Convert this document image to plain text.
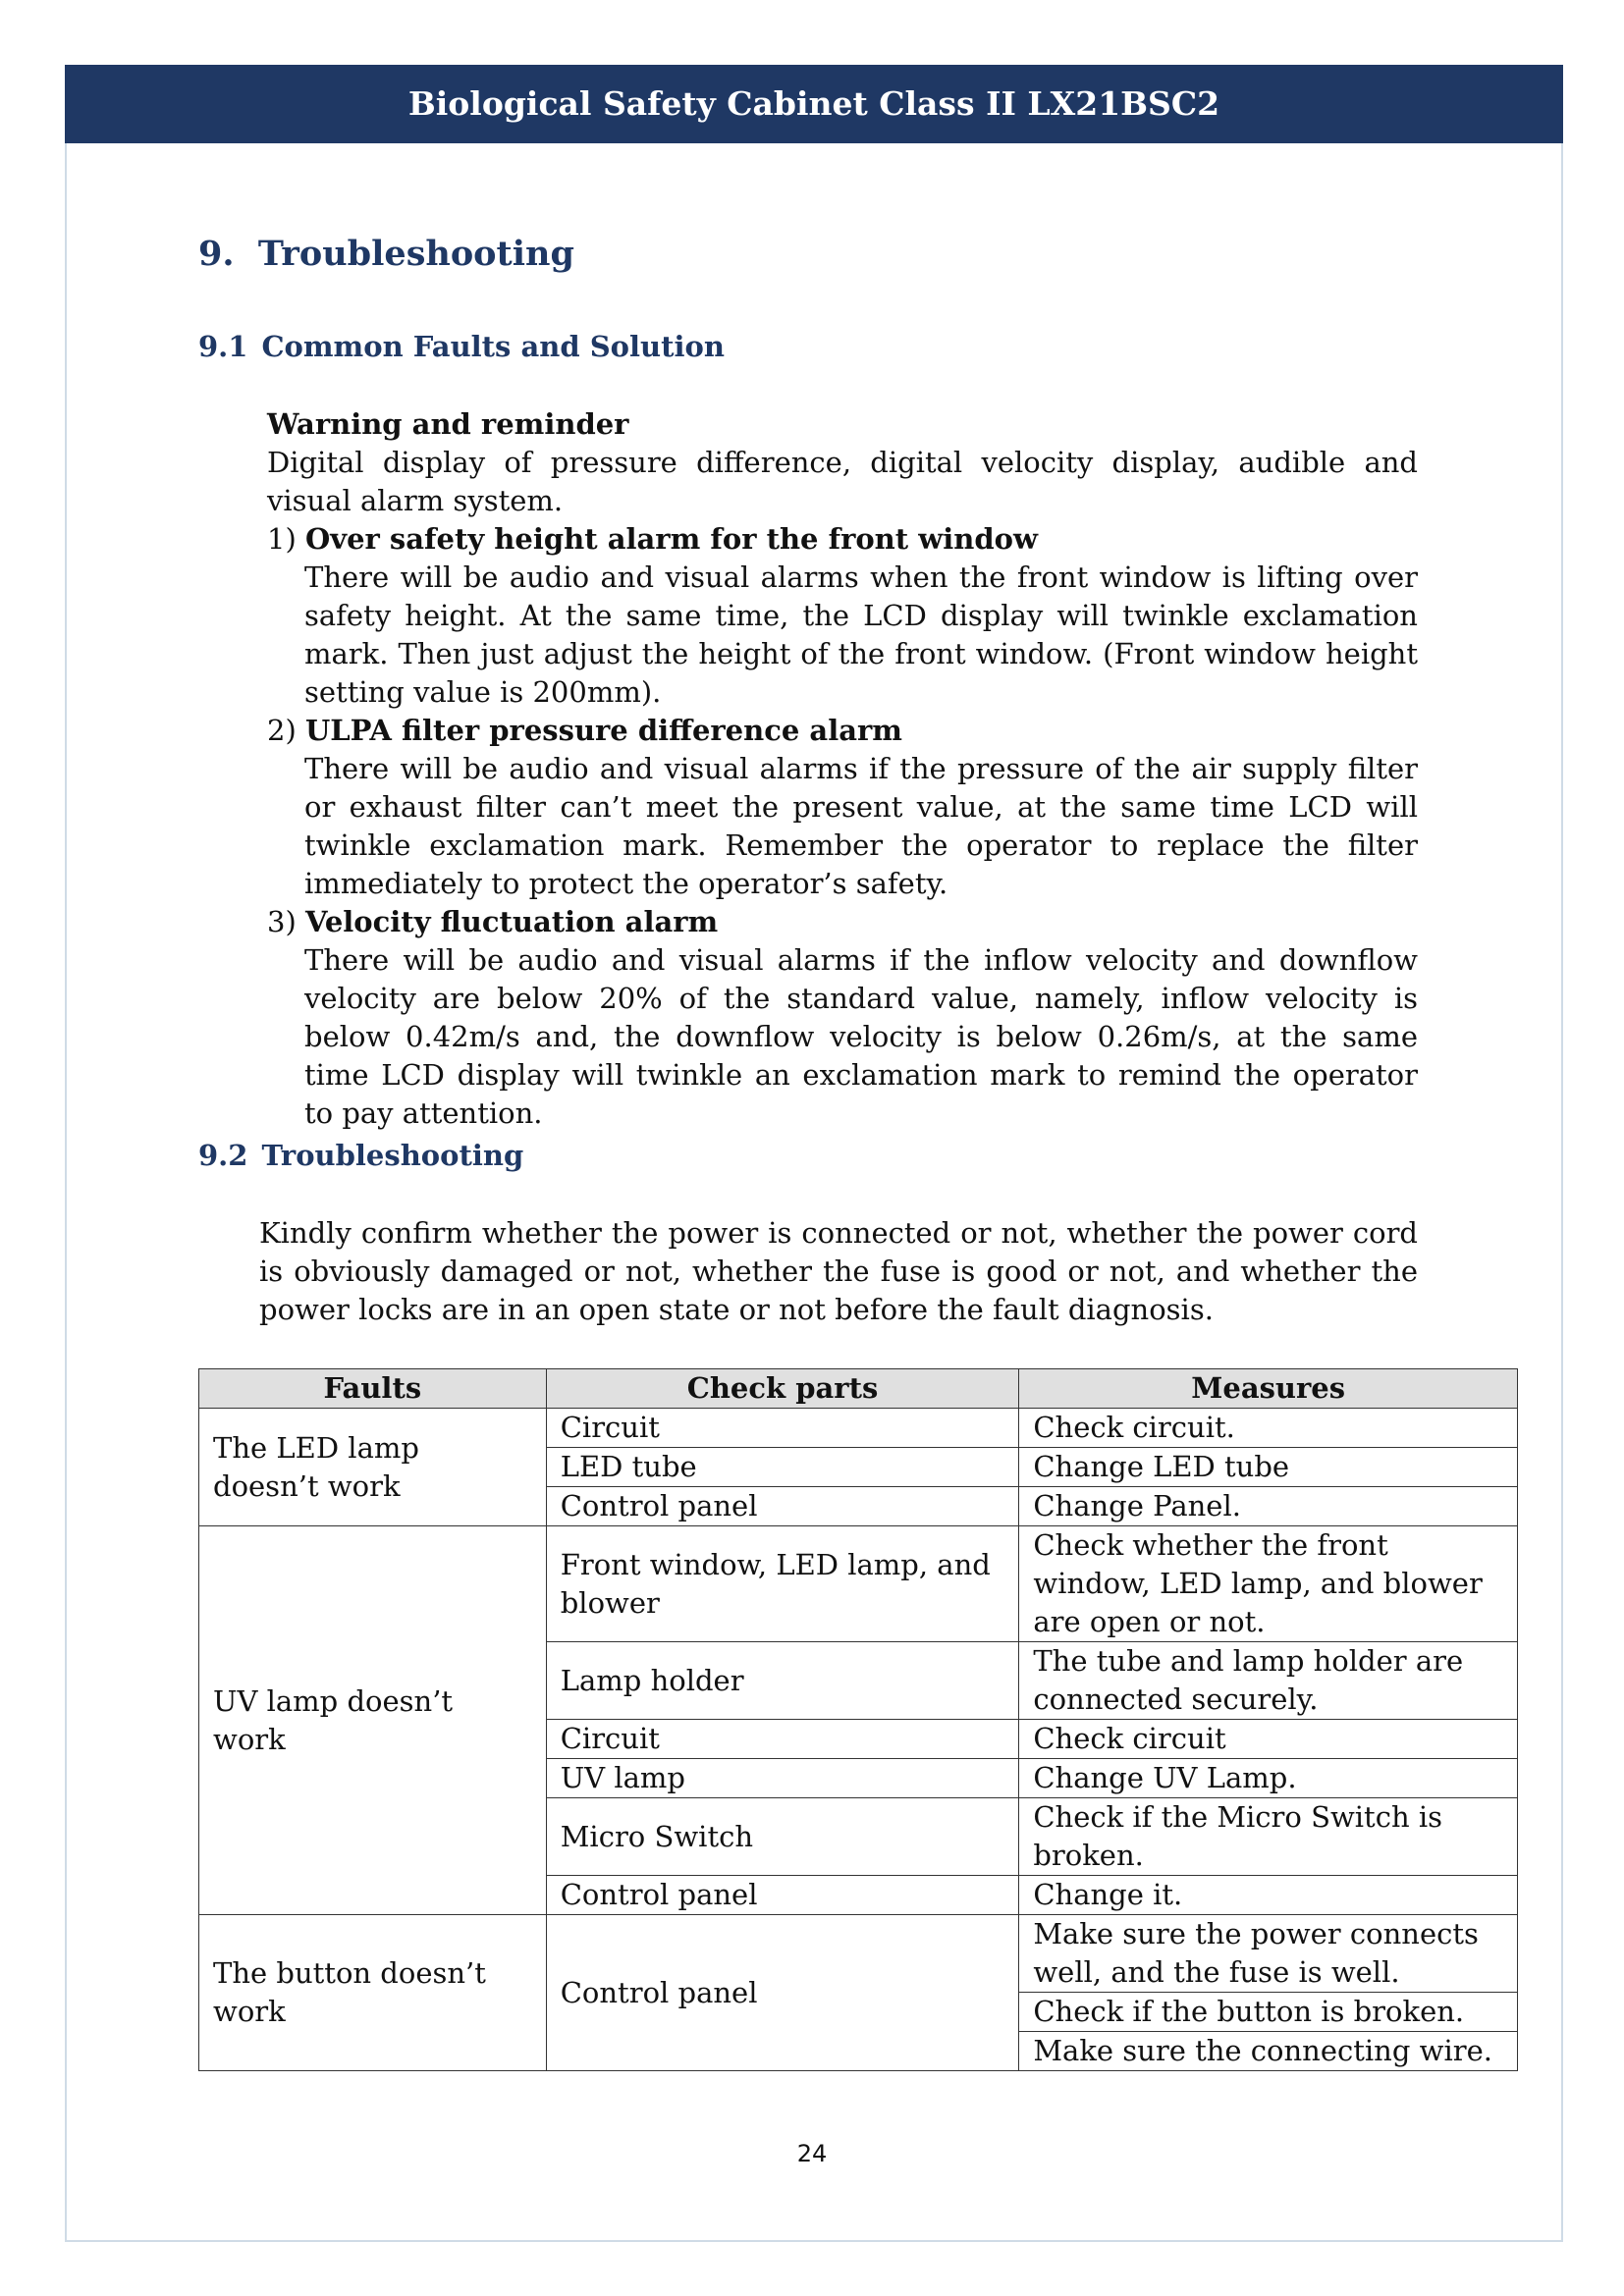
Biological Safety Cabinet Class II LX21BSC2
9. Troubleshooting
9.1 Common Faults and Solution
Warning and reminder
Digital display of pressure difference, digital velocity display, audible and visual alarm system.
1) Over safety height alarm for the front window
There will be audio and visual alarms when the front window is lifting over safety height. At the same time, the LCD display will twinkle exclamation mark. Then just adjust the height of the front window. (Front window height setting value is 200mm).
2) ULPA filter pressure difference alarm
There will be audio and visual alarms if the pressure of the air supply filter or exhaust filter can’t meet the present value, at the same time LCD will twinkle exclamation mark. Remember the operator to replace the filter immediately to protect the operator’s safety.
3) Velocity fluctuation alarm
There will be audio and visual alarms if the inflow velocity and downflow velocity are below 20% of the standard value, namely, inflow velocity is below 0.42m/s and, the downflow velocity is below 0.26m/s, at the same time LCD display will twinkle an exclamation mark to remind the operator to pay attention.
9.2 Troubleshooting
Kindly confirm whether the power is connected or not, whether the power cord is obviously damaged or not, whether the fuse is good or not, and whether the power locks are in an open state or not before the fault diagnosis.
Faults	Check parts	Measures
The LED lamp doesn’t work	Circuit	Check circuit.
	LED tube	Change LED tube
	Control panel	Change Panel.
UV lamp doesn’t work	Front window, LED lamp, and blower	Check whether the front window, LED lamp, and blower are open or not.
	Lamp holder	The tube and lamp holder are connected securely.
	Circuit	Check circuit
	UV lamp	Change UV Lamp.
	Micro Switch	Check if the Micro Switch is broken.
	Control panel	Change it.
The button doesn’t work	Control panel	Make sure the power connects well, and the fuse is well.
		Check if the button is broken.
		Make sure the connecting wire.
24
